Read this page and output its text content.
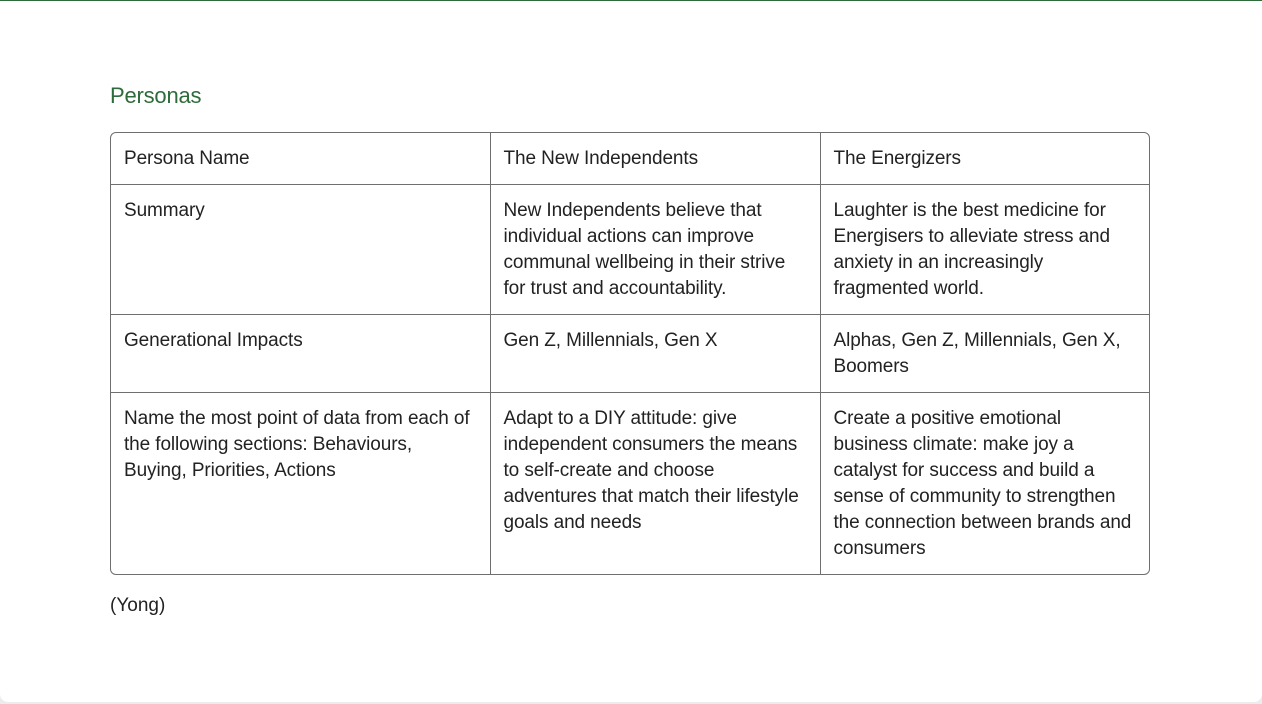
Personas
Persona Name	The New Independents	The Energizers
Summary	New Independents believe that individual actions can improve communal wellbeing in their strive for trust and accountability.	Laughter is the best medicine for Energisers to alleviate stress and anxiety in an increasingly fragmented world.
Generational Impacts	Gen Z, Millennials, Gen X	Alphas, Gen Z, Millennials, Gen X, Boomers
Name the most point of data from each of the following sections: Behaviours, Buying, Priorities, Actions	Adapt to a DIY attitude: give independent consumers the means to self-create and choose adventures that match their lifestyle goals and needs	Create a positive emotional business climate: make joy a catalyst for success and build a sense of community to strengthen the connection between brands and consumers
(Yong)
